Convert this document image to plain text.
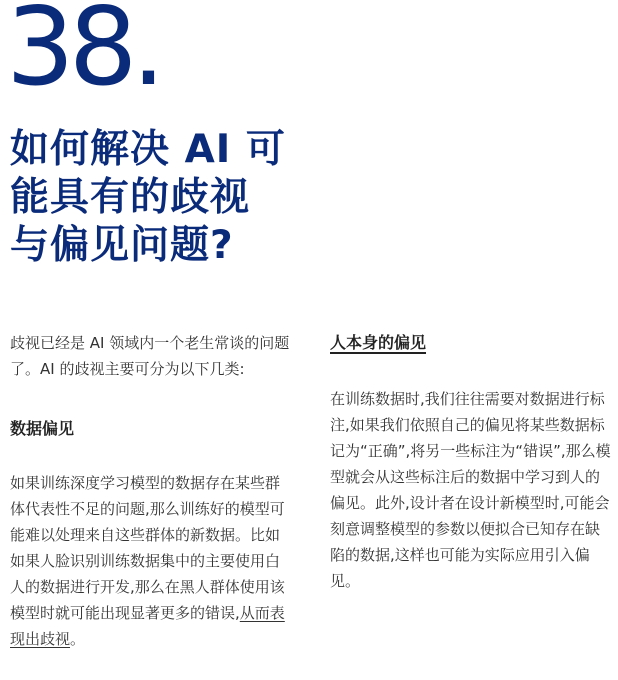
38.
如何解决 AI 可
能具有的歧视
与偏见问题?

歧视已经是 AI 领域内一个老生常谈的问题了。AI 的歧视主要可分为以下几类:

数据偏见

如果训练深度学习模型的数据存在某些群体代表性不足的问题,那么训练好的模型可能难以处理来自这些群体的新数据。比如如果人脸识别训练数据集中的主要使用白人的数据进行开发,那么在黑人群体使用该模型时就可能出现显著更多的错误,从而表现出歧视。

人本身的偏见

在训练数据时,我们往往需要对数据进行标注,如果我们依照自己的偏见将某些数据标记为“正确”,将另一些标注为“错误”,那么模型就会从这些标注后的数据中学习到人的偏见。此外,设计者在设计新模型时,可能会刻意调整模型的参数以便拟合已知存在缺陷的数据,这样也可能为实际应用引入偏见。
